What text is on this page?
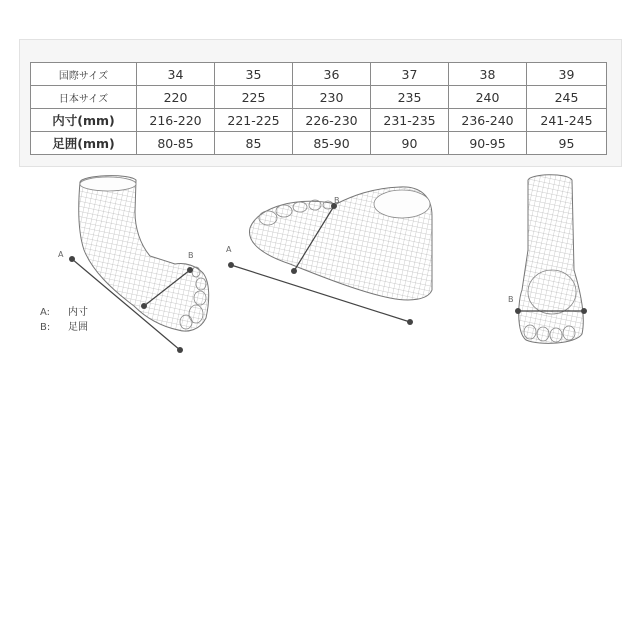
国際サイズ	34	35	36	37	38	39
日本サイズ	220	225	230	235	240	245
内寸(mm)	216-220	221-225	226-230	231-235	236-240	241-245
足囲(mm)	80-85	85	85-90	90	90-95	95
A	B
A
B
B
A:	内寸
B:	足囲
